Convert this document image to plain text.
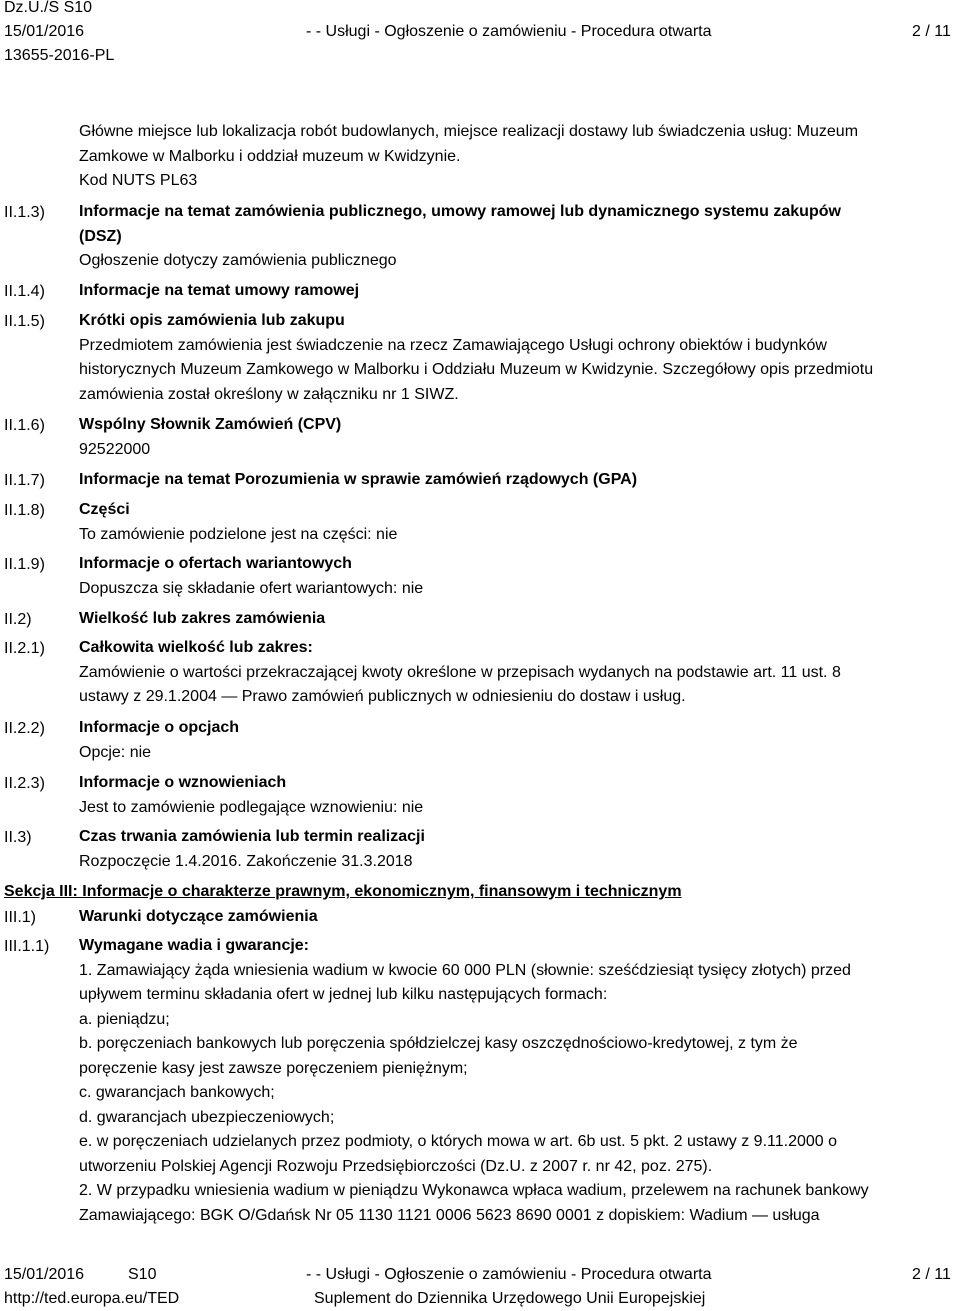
Dz.U./S S10
15/01/2016
13655-2016-PL
- - Usługi - Ogłoszenie o zamówieniu - Procedura otwarta	2 / 11
II.1.3)
II.1.4)
II.1.5)
II.1.6)
II.1.7)
II.1.8)
II.1.9)
II.2)
II.2.1)
II.2.2)
II.2.3)
II.3)
III.1)
III.1.1)
Główne miejsce lub lokalizacja robót budowlanych, miejsce realizacji dostawy lub świadczenia usług: Muzeum
Zamkowe w Malborku i oddział muzeum w Kwidzynie.
Kod NUTS PL63
Informacje na temat zamówienia publicznego, umowy ramowej lub dynamicznego systemu zakupów
(DSZ)
Ogłoszenie dotyczy zamówienia publicznego
Informacje na temat umowy ramowej
Krótki opis zamówienia lub zakupu
Przedmiotem zamówienia jest świadczenie na rzecz Zamawiającego Usługi ochrony obiektów i budynków
historycznych Muzeum Zamkowego w Malborku i Oddziału Muzeum w Kwidzynie. Szczegółowy opis przedmiotu
zamówienia został określony w załączniku nr 1 SIWZ.
Wspólny Słownik Zamówień (CPV)
92522000
Informacje na temat Porozumienia w sprawie zamówień rządowych (GPA)
Części
To zamówienie podzielone jest na części: nie
Informacje o ofertach wariantowych
Dopuszcza się składanie ofert wariantowych: nie
Wielkość lub zakres zamówienia
Całkowita wielkość lub zakres:
Zamówienie o wartości przekraczającej kwoty określone w przepisach wydanych na podstawie art. 11 ust. 8
ustawy z 29.1.2004 — Prawo zamówień publicznych w odniesieniu do dostaw i usług.
Informacje o opcjach
Opcje: nie
Informacje o wznowieniach
Jest to zamówienie podlegające wznowieniu: nie
Czas trwania zamówienia lub termin realizacji
Rozpoczęcie 1.4.2016. Zakończenie 31.3.2018
Sekcja III: Informacje o charakterze prawnym, ekonomicznym, finansowym i technicznym
Warunki dotyczące zamówienia
Wymagane wadia i gwarancje:
1. Zamawiający żąda wniesienia wadium w kwocie 60 000 PLN (słownie: sześćdziesiąt tysięcy złotych) przed
upływem terminu składania ofert w jednej lub kilku następujących formach:
a. pieniądzu;
b. poręczeniach bankowych lub poręczenia spółdzielczej kasy oszczędnościowo-kredytowej, z tym że
poręczenie kasy jest zawsze poręczeniem pieniężnym;
c. gwarancjach bankowych;
d. gwarancjach ubezpieczeniowych;
e. w poręczeniach udzielanych przez podmioty, o których mowa w art. 6b ust. 5 pkt. 2 ustawy z 9.11.2000 o
utworzeniu Polskiej Agencji Rozwoju Przedsiębiorczości (Dz.U. z 2007 r. nr 42, poz. 275).
2. W przypadku wniesienia wadium w pieniądzu Wykonawca wpłaca wadium, przelewem na rachunek bankowy
Zamawiającego: BGK O/Gdańsk Nr 05 1130 1121 0006 5623 8690 0001 z dopiskiem: Wadium — usługa
15/01/2016	S10
http://ted.europa.eu/TED
- - Usługi - Ogłoszenie o zamówieniu - Procedura otwarta
Suplement do Dziennika Urzędowego Unii Europejskiej
2 / 11
